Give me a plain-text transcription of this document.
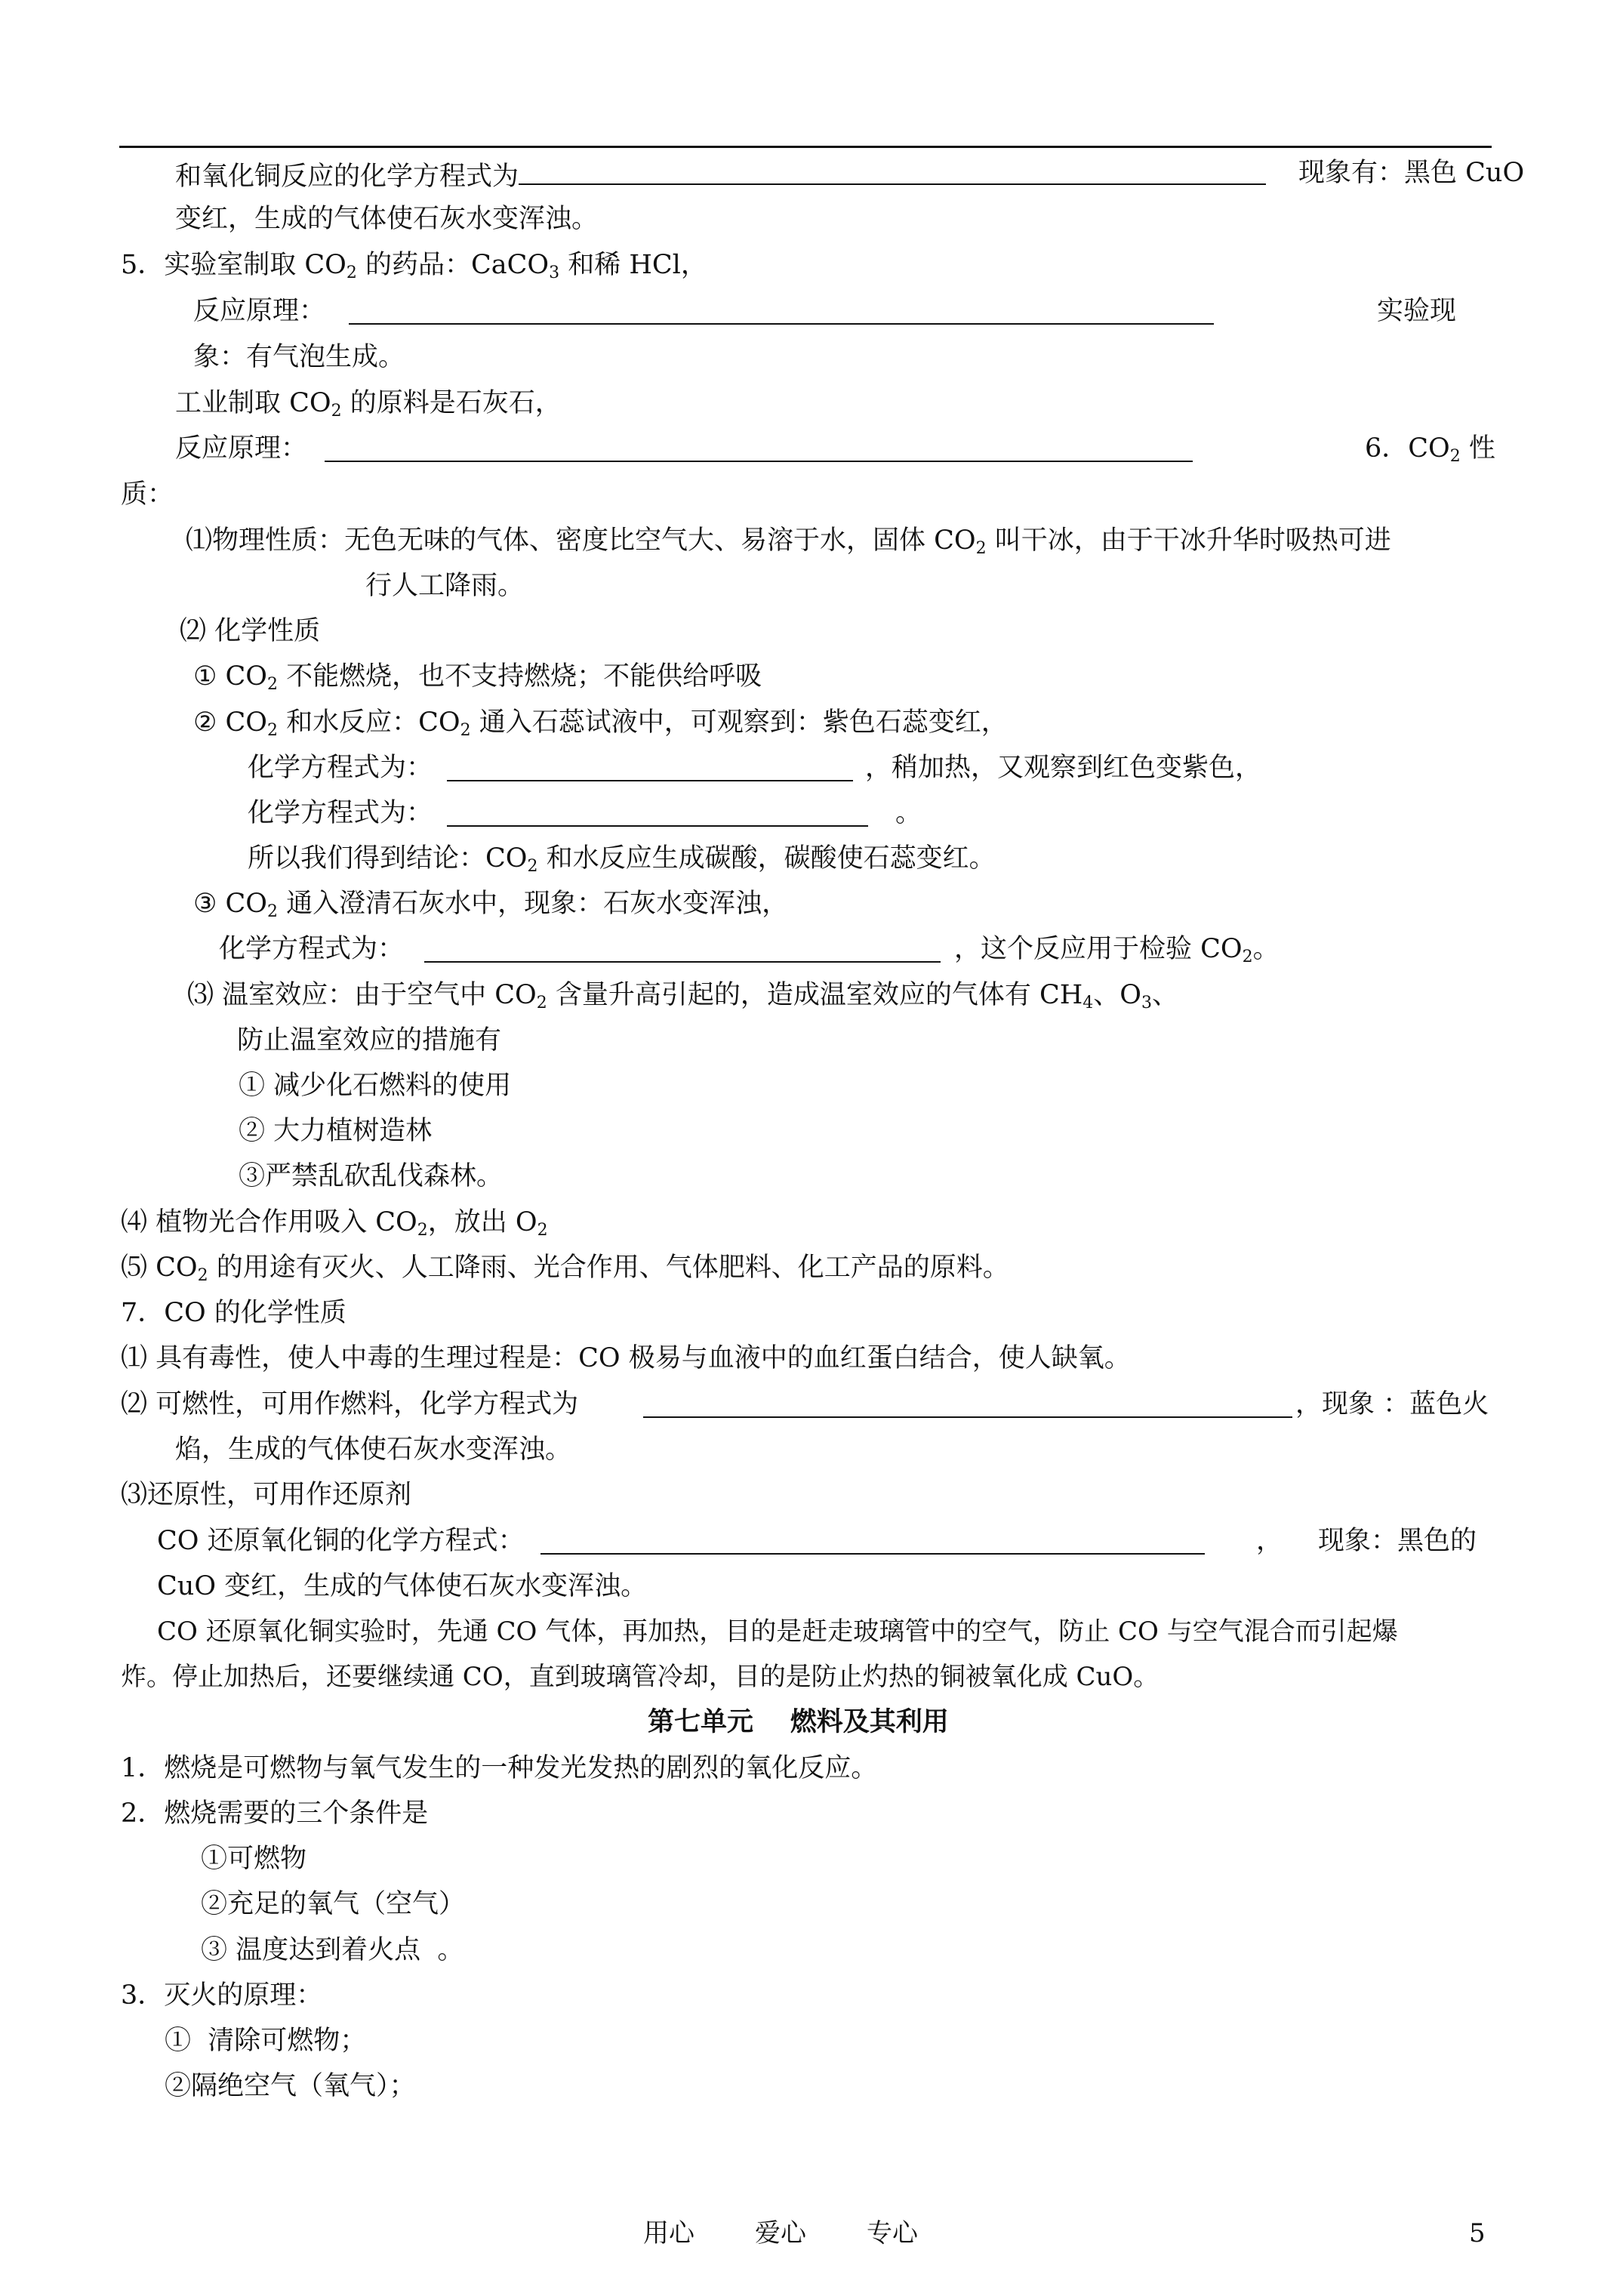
和氧化铜反应的化学方程式为	现象有：黑色 CuO
变红，生成的气体使石灰水变浑浊。
5．实验室制取 $CO_2$ 的药品：CaCO$_3$ 和稀 HCl，
反应原理：	实验现
象：有气泡生成。
工业制取 $CO_2$ 的原料是石灰石，
反应原理：	6．$CO_2$ 性
质：
⑴物理性质：无色无味的气体、密度比空气大、易溶于水，固体 $CO_2$ 叫干冰，由于干冰升华时吸热可进
行人工降雨。
⑵ 化学性质
① $CO_2$ 不能燃烧，也不支持燃烧；不能供给呼吸
② $CO_2$ 和水反应：$CO_2$ 通入石蕊试液中，可观察到：紫色石蕊变红，
化学方程式为：	，稍加热，又观察到红色变紫色，
化学方程式为：	。
所以我们得到结论：$CO_2$ 和水反应生成碳酸，碳酸使石蕊变红。
③ $CO_2$ 通入澄清石灰水中，现象：石灰水变浑浊，
化学方程式为：	，这个反应用于检验 $CO_2$。
⑶ 温室效应：由于空气中 $CO_2$ 含量升高引起的，造成温室效应的气体有 $CH_4$、$O_3$、
防止温室效应的措施有
① 减少化石燃料的使用
② 大力植树造林
③严禁乱砍乱伐森林。
⑷ 植物光合作用吸入 $CO_2$，放出 $O_2$
⑸ $CO_2$ 的用途有灭火、人工降雨、光合作用、气体肥料、化工产品的原料。
7．CO 的化学性质
⑴ 具有毒性，使人中毒的生理过程是：CO 极易与血液中的血红蛋白结合，使人缺氧。
⑵ 可燃性，可用作燃料，化学方程式为	，现象 ：蓝色火
焰，生成的气体使石灰水变浑浊。
⑶还原性，可用作还原剂
CO 还原氧化铜的化学方程式：	， 现象：黑色的
CuO 变红，生成的气体使石灰水变浑浊。
CO 还原氧化铜实验时，先通 CO 气体，再加热，目的是赶走玻璃管中的空气，防止 CO 与空气混合而引起爆
炸。停止加热后，还要继续通 CO，直到玻璃管冷却，目的是防止灼热的铜被氧化成 CuO。
第七单元    燃料及其利用
1．燃烧是可燃物与氧气发生的一种发光发热的剧烈的氧化反应。
2．燃烧需要的三个条件是
①可燃物
②充足的氧气（空气）
③ 温度达到着火点  。
3．灭火的原理：
①  清除可燃物；
②隔绝空气（氧气）；
用心 爱心 专心	5
